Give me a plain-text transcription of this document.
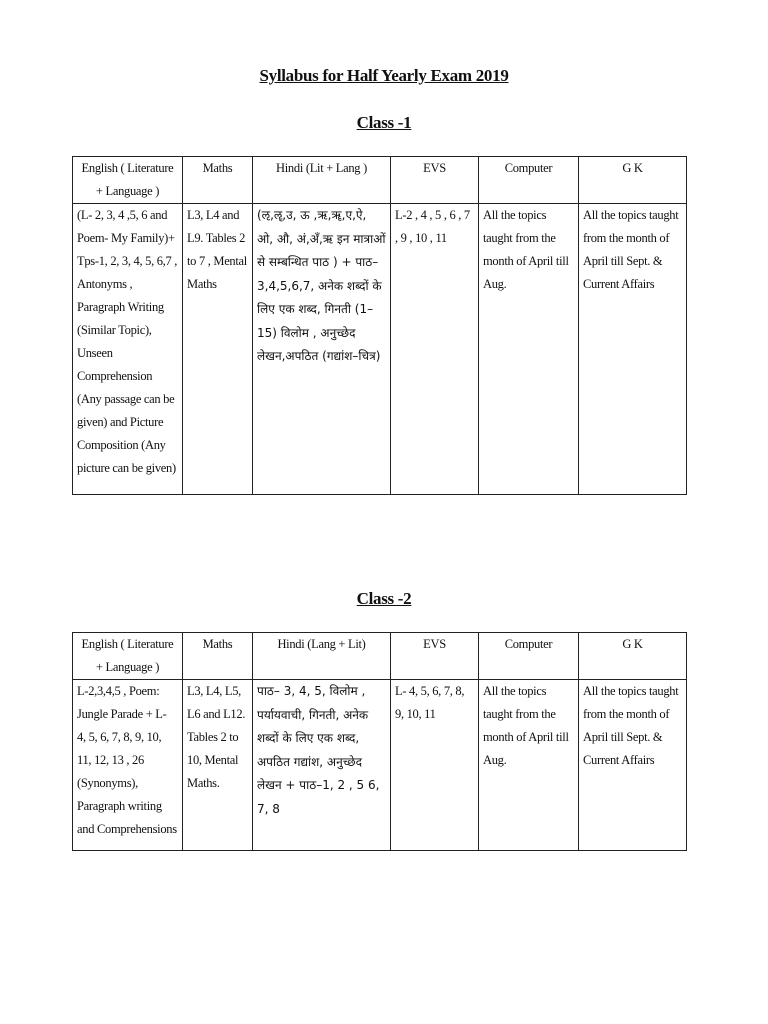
Syllabus for Half Yearly Exam 2019
Class -1
English ( Literature + Language )	Maths	Hindi (Lit + Lang )	EVS	Computer	G K
(L- 2, 3, 4 ,5, 6 and Poem- My Family)+ Tps-1, 2, 3, 4, 5, 6,7 , Antonyms , Paragraph Writing (Similar Topic), Unseen Comprehension (Any passage can be given) and Picture Composition (Any picture can be given)	L3, L4 and L9. Tables 2 to 7 , Mental Maths	(ऌ,ॡ,उ, ऊ ,ऋ,ॠ,ए,ऐ, ओ, औ, अं,अँ,ऋ इन मात्राओं से सम्बन्धित पाठ ) + पाठ– 3,4,5,6,7, अनेक शब्दों के लिए एक शब्द, गिनती (1–15) विलोम , अनुच्छेद लेखन,अपठित (गद्यांश–चित्र)	L-2 , 4 , 5 , 6 , 7 , 9 , 10 , 11	All the topics taught from the month of April till Aug.	All the topics taught from the month of April till Sept. & Current Affairs
Class -2
English ( Literature + Language )	Maths	Hindi (Lang + Lit)	EVS	Computer	G K
L-2,3,4,5 , Poem: Jungle Parade + L- 4, 5, 6, 7, 8, 9, 10, 11, 12, 13 , 26 (Synonyms), Paragraph writing and Comprehensions	L3, L4, L5, L6 and L12. Tables 2 to 10, Mental Maths.	पाठ– 3, 4, 5, विलोम , पर्यायवाची, गिनती, अनेक शब्दों के लिए एक शब्द, अपठित गद्यांश, अनुच्छेद लेखन + पाठ–1, 2 , 5 6, 7, 8	L- 4, 5, 6, 7, 8, 9, 10, 11	All the topics taught from the month of April till Aug.	All the topics taught from the month of April till Sept. & Current Affairs
